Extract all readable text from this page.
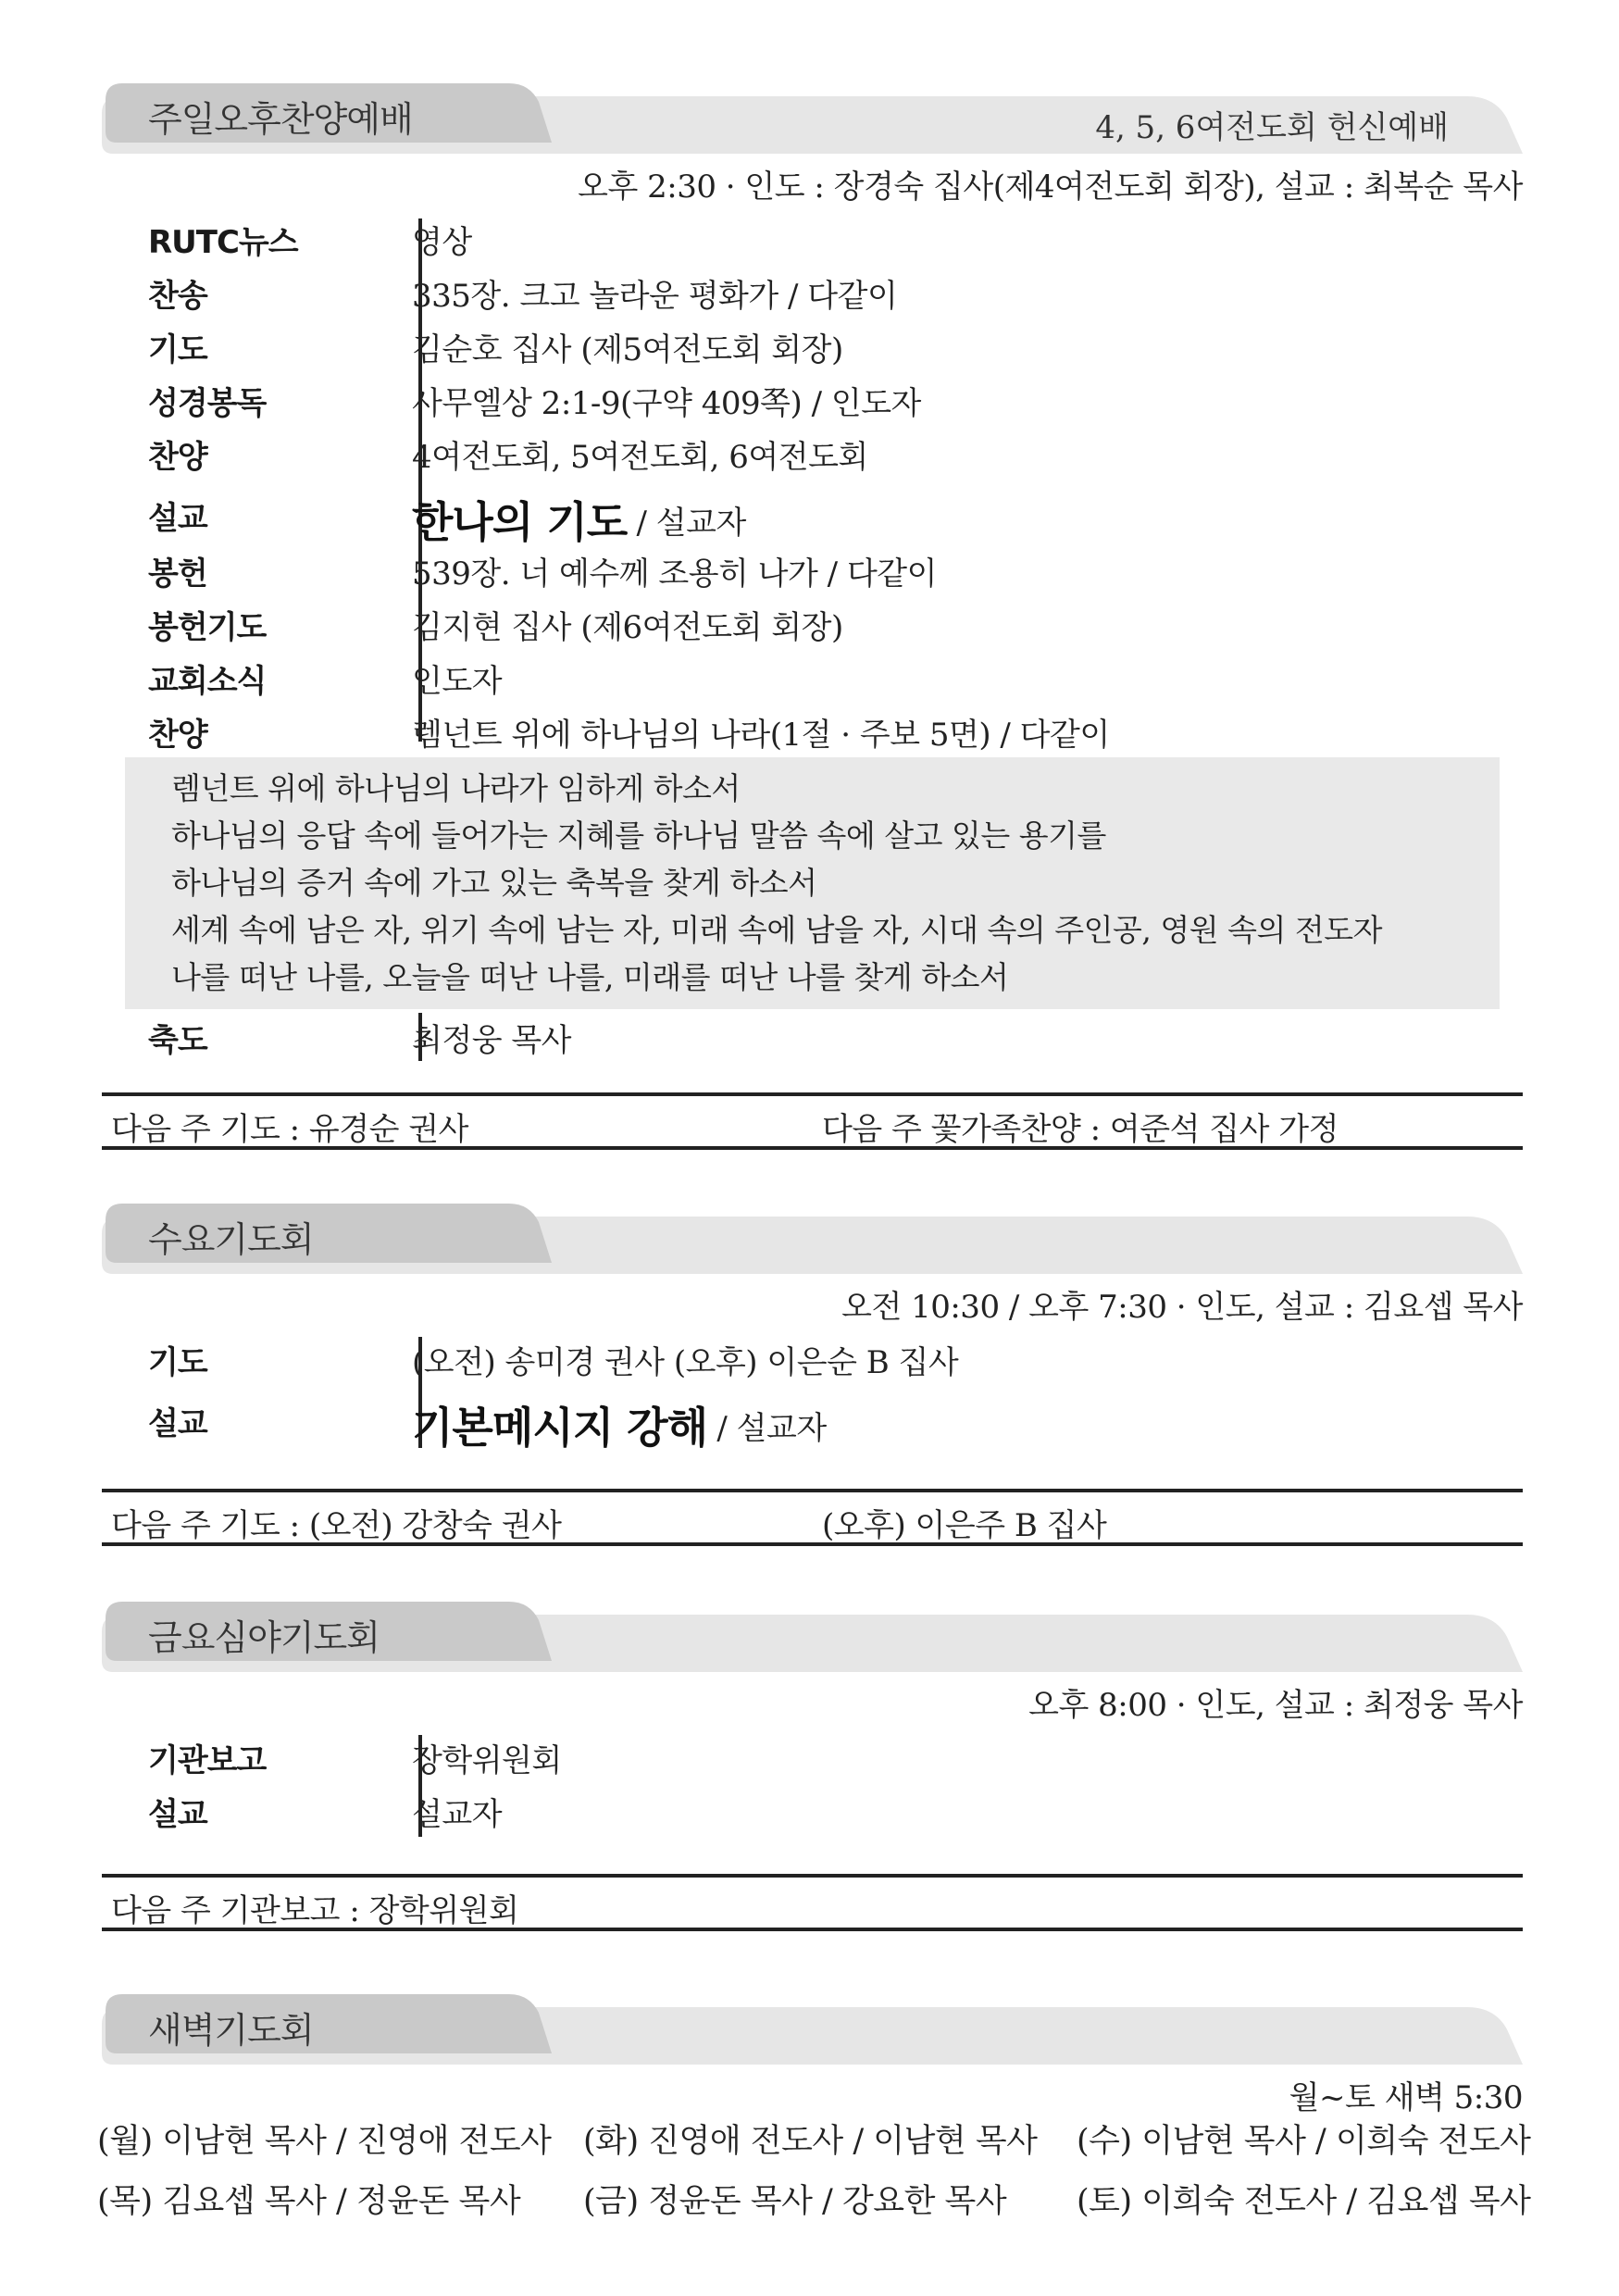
주일오후찬양예배	4, 5, 6여전도회 헌신예배
오후 2:30 · 인도 : 장경숙 집사(제4여전도회 회장), 설교 : 최복순 목사
RUTC뉴스	영상
찬송	335장. 크고 놀라운 평화가 / 다같이
기도	김순호 집사 (제5여전도회 회장)
성경봉독	사무엘상 2:1-9(구약 409쪽) / 인도자
찬양	4여전도회, 5여전도회, 6여전도회
설교	한나의 기도 / 설교자
봉헌	539장. 너 예수께 조용히 나가 / 다같이
봉헌기도	김지현 집사 (제6여전도회 회장)
교회소식	인도자
찬양	렘넌트 위에 하나님의 나라(1절 · 주보 5면) / 다같이
렘넌트 위에 하나님의 나라가 임하게 하소서
하나님의 응답 속에 들어가는 지혜를 하나님 말씀 속에 살고 있는 용기를
하나님의 증거 속에 가고 있는 축복을 찾게 하소서
세계 속에 남은 자, 위기 속에 남는 자, 미래 속에 남을 자, 시대 속의 주인공, 영원 속의 전도자
나를 떠난 나를, 오늘을 떠난 나를, 미래를 떠난 나를 찾게 하소서
축도	최정웅 목사
다음 주 기도 : 유경순 권사	다음 주 꽃가족찬양 : 여준석 집사 가정
수요기도회
오전 10:30 / 오후 7:30 · 인도, 설교 : 김요셉 목사
기도	(오전) 송미경 권사 (오후) 이은순 B 집사
설교	기본메시지 강해 / 설교자
다음 주 기도 : (오전) 강창숙 권사	(오후) 이은주 B 집사
금요심야기도회
오후 8:00 · 인도, 설교 : 최정웅 목사
기관보고	장학위원회
설교	설교자
다음 주 기관보고 : 장학위원회
새벽기도회
월~토 새벽 5:30
(월) 이남현 목사 / 진영애 전도사 (화) 진영애 전도사 / 이남현 목사 (수) 이남현 목사 / 이희숙 전도사
(목) 김요셉 목사 / 정윤돈 목사 (금) 정윤돈 목사 / 강요한 목사 (토) 이희숙 전도사 / 김요셉 목사
